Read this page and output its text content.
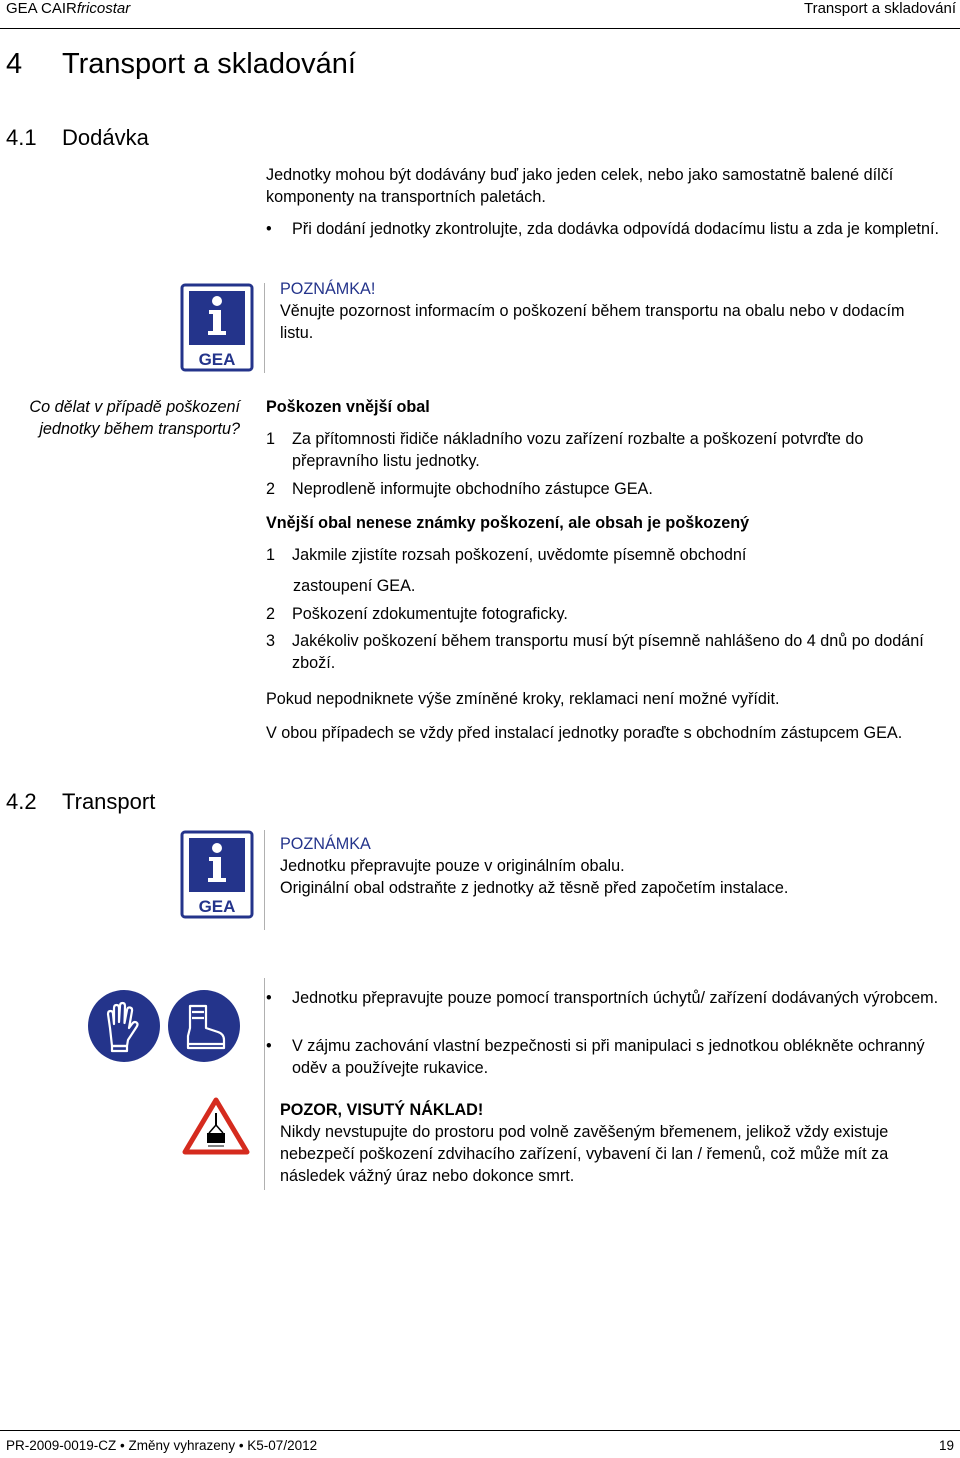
GEA CAIRfricostar	Transport a skladování
4 Transport a skladování
4.1 Dodávka
Jednotky mohou být dodávány buď jako jeden celek, nebo jako samostatně balené dílčí komponenty na transportních paletách.
• Při dodání jednotky zkontrolujte, zda dodávka odpovídá dodacímu listu a zda je kompletní.
GEA
POZNÁMKA!
Věnujte pozornost informacím o poškození během transportu na obalu nebo v dodacím listu.
Co dělat v případě poškození
jednotky během transportu?
Poškozen vnější obal
1 Za přítomnosti řidiče nákladního vozu zařízení rozbalte a poškození potvrďte do přepravního listu jednotky.
2 Neprodleně informujte obchodního zástupce GEA.
Vnější obal nenese známky poškození, ale obsah je poškozený
1 Jakmile zjistíte rozsah poškození, uvědomte písemně obchodní
zastoupení GEA.
2 Poškození zdokumentujte fotograficky.
3 Jakékoliv poškození během transportu musí být písemně nahlášeno do 4 dnů po dodání zboží.
Pokud nepodniknete výše zmíněné kroky, reklamaci není možné vyřídit.
V obou případech se vždy před instalací jednotky poraďte s obchodním zástupcem GEA.
4.2 Transport
GEA
POZNÁMKA
Jednotku přepravujte pouze v originálním obalu.
Originální obal odstraňte z jednotky až těsně před započetím instalace.
• Jednotku přepravujte pouze pomocí transportních úchytů/ zařízení dodávaných výrobcem.
• V zájmu zachování vlastní bezpečnosti si při manipulaci s jednotkou oblékněte ochranný oděv a používejte rukavice.
POZOR, VISUTÝ NÁKLAD!
Nikdy nevstupujte do prostoru pod volně zavěšeným břemenem, jelikož vždy existuje nebezpečí poškození zdvihacího zařízení, vybavení či lan / řemenů, což může mít za následek vážný úraz nebo dokonce smrt.
PR-2009-0019-CZ • Změny vyhrazeny • K5-07/2012	19
